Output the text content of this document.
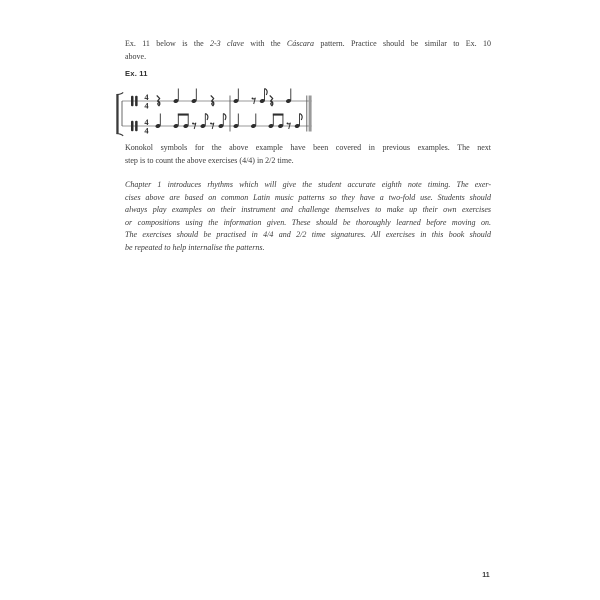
Ex. 11 below is the 2-3 clave with the Cáscara pattern. Practice should be similar to Ex. 10
above.
Ex. 11
4
4
4
4
Konokol symbols for the above example have been covered in previous examples. The next
step is to count the above exercises (4/4) in 2/2 time.
Chapter 1 introduces rhythms which will give the student accurate eighth note timing. The exer-
cises above are based on common Latin music patterns so they have a two-fold use. Students should
always play examples on their instrument and challenge themselves to make up their own exercises
or compositions using the information given. These should be thoroughly learned before moving on.
The exercises should be practised in 4/4 and 2/2 time signatures. All exercises in this book should
be repeated to help internalise the patterns.
11
